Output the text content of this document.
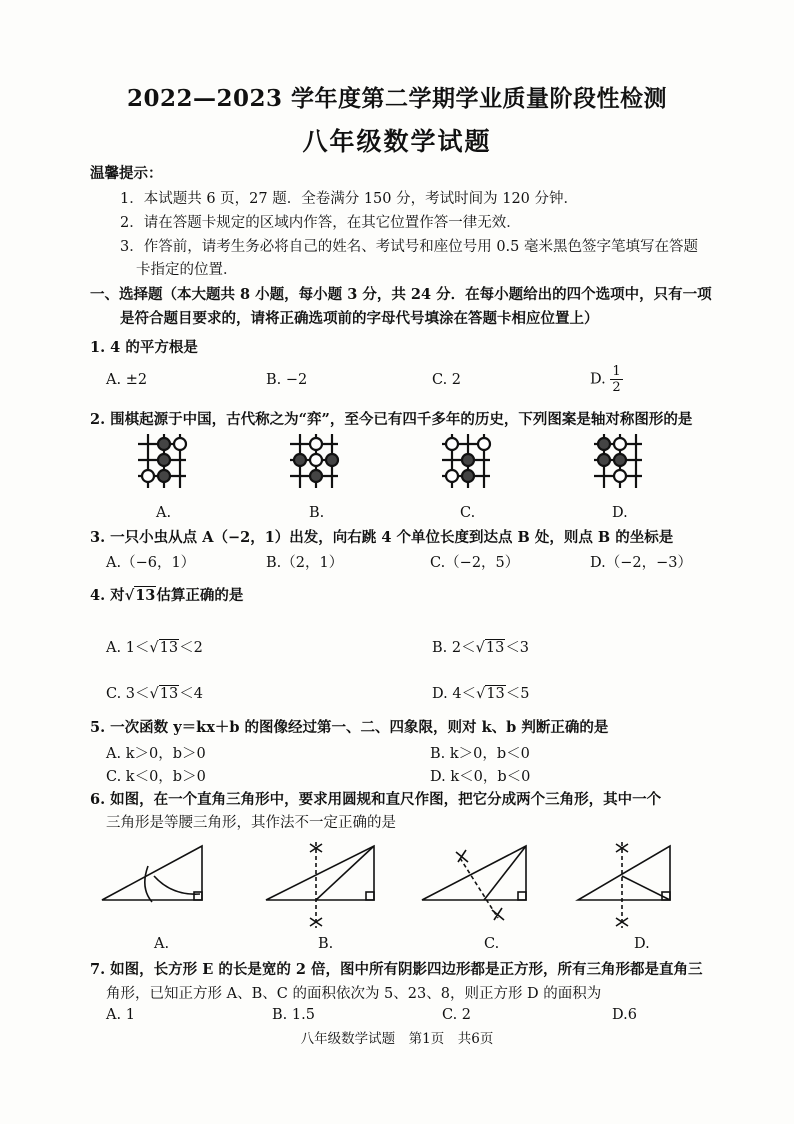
2022—2023 学年度第二学期学业质量阶段性检测
八年级数学试题
温馨提示：
1．本试题共 6 页，27 题．全卷满分 150 分，考试时间为 120 分钟．
2．请在答题卡规定的区域内作答，在其它位置作答一律无效．
3．作答前，请考生务必将自己的姓名、考试号和座位号用 0.5 毫米黑色签字笔填写在答题
卡指定的位置．
一、选择题（本大题共 8 小题，每小题 3 分，共 24 分．在每小题给出的四个选项中，只有一项
是符合题目要求的，请将正确选项前的字母代号填涂在答题卡相应位置上）
1. 4 的平方根是
A. ±2	B. −2	C. 2	D. $\frac{1}{2}$
2. 围棋起源于中国，古代称之为“弈”，至今已有四千多年的历史，下列图案是轴对称图形的是
A.	B.	C.	D.
3. 一只小虫从点 A（−2，1）出发，向右跳 4 个单位长度到达点 B 处，则点 B 的坐标是
A.（−6，1）	B.（2，1）	C.（−2，5）	D.（−2，−3）
4. 对√13估算正确的是
A. 1＜√13＜2	B. 2＜√13＜3
C. 3＜√13＜4	D. 4＜√13＜5
5. 一次函数 y＝kx＋b 的图像经过第一、二、四象限，则对 k、b 判断正确的是
A. k＞0，b＞0	B. k＞0，b＜0
C. k＜0，b＞0	D. k＜0，b＜0
6. 如图，在一个直角三角形中，要求用圆规和直尺作图，把它分成两个三角形，其中一个
三角形是等腰三角形，其作法不一定正确的是
A.	B.	C.	D.
7. 如图，长方形 E 的长是宽的 2 倍，图中所有阴影四边形都是正方形，所有三角形都是直角三
角形，已知正方形 A、B、C 的面积依次为 5、23、8，则正方形 D 的面积为
A. 1	B. 1.5	C. 2	D.6
八年级数学试题　第1页　共6页
